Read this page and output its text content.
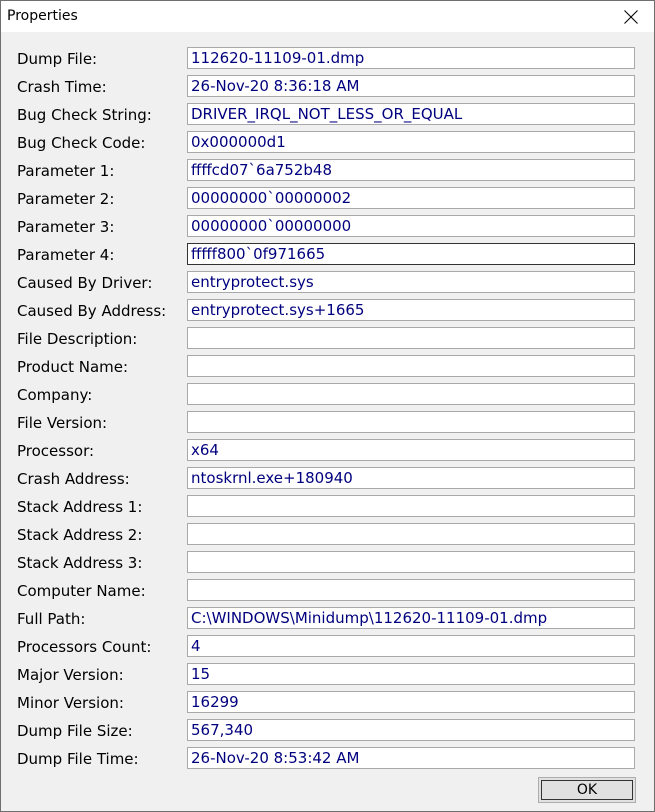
Properties
Dump File:	112620-11109-01.dmp
Crash Time:	26-Nov-20 8:36:18 AM
Bug Check String:	DRIVER_IRQL_NOT_LESS_OR_EQUAL
Bug Check Code:	0x000000d1
Parameter 1:	ffffcd07`6a752b48
Parameter 2:	00000000`00000002
Parameter 3:	00000000`00000000
Parameter 4:	fffff800`0f971665
Caused By Driver:	entryprotect.sys
Caused By Address: entryprotect.sys+1665
File Description:
Product Name:
Company:
File Version:
Processor:	x64
Crash Address:	ntoskrnl.exe+180940
Stack Address 1:
Stack Address 2:
Stack Address 3:
Computer Name:
Full Path:	C:\WINDOWS\Minidump\112620-11109-01.dmp
Processors Count:	4
Major Version:	15
Minor Version:	16299
Dump File Size:	567,340
Dump File Time:	26-Nov-20 8:53:42 AM
OK
